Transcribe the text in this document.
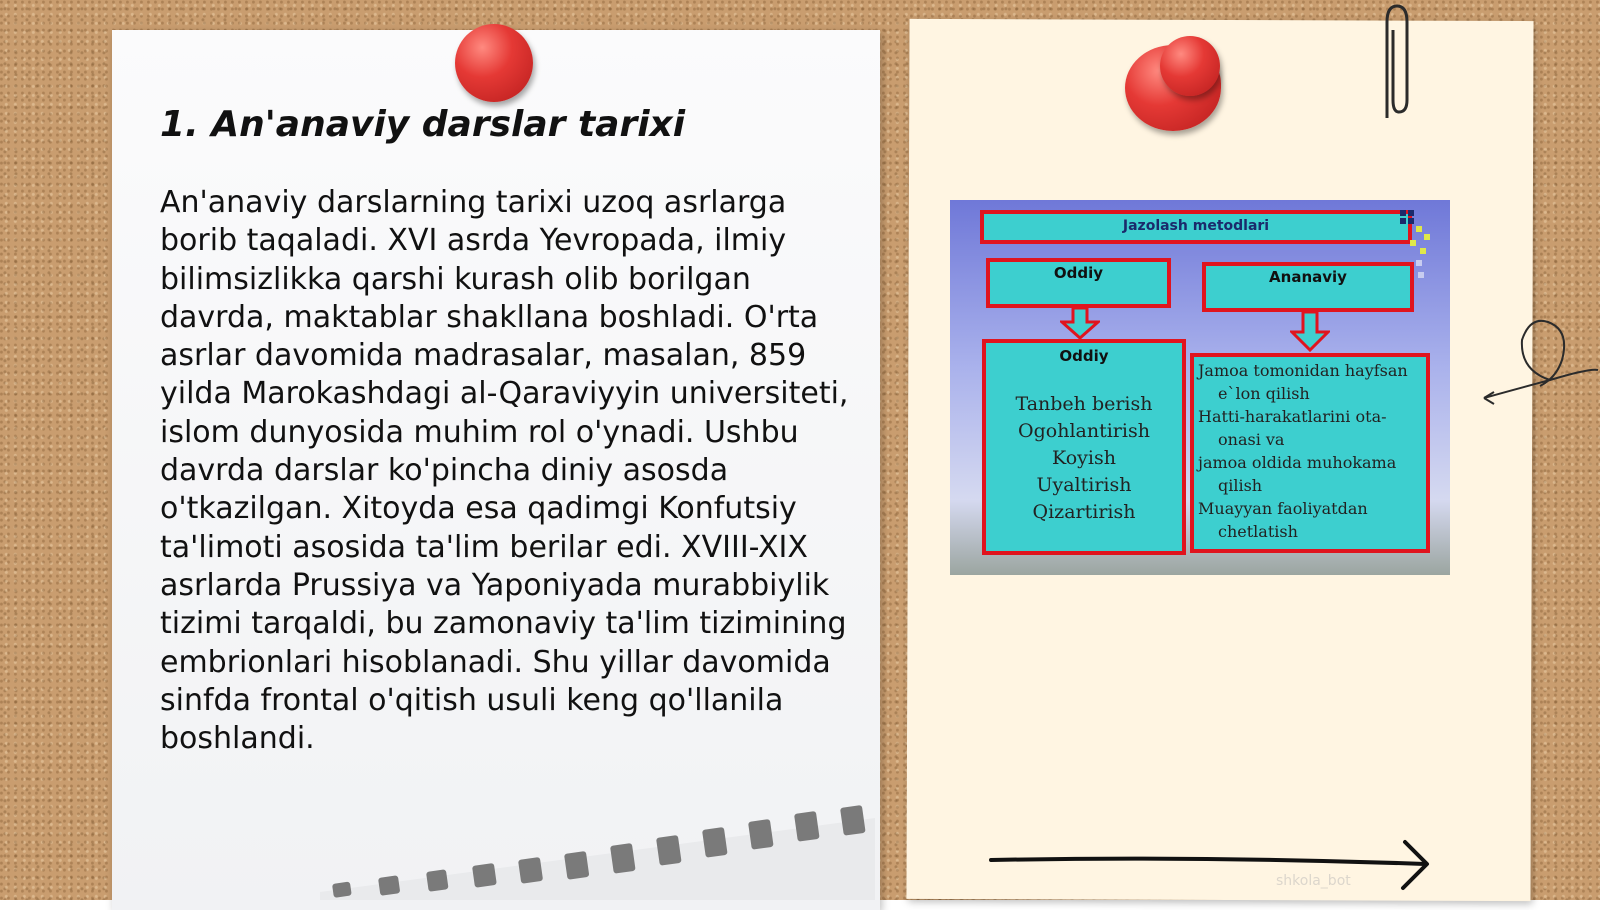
1. An'anaviy darslar tarixi

An'anaviy darslarning tarixi uzoq asrlarga borib taqaladi. XVI asrda Yevropada, ilmiy bilimsizlikka qarshi kurash olib borilgan davrda, maktablar shakllana boshladi. O'rta asrlar davomida madrasalar, masalan, 859 yilda Marokashdagi al-Qaraviyyin universiteti, islom dunyosida muhim rol o'ynadi. Ushbu davrda darslar ko'pincha diniy asosda o'tkazilgan. Xitoyda esa qadimgi Konfutsiy ta'limoti asosida ta'lim berilar edi. XVIII-XIX asrlarda Prussiya va Yaponiyada murabbiylik tizimi tarqaldi, bu zamonaviy ta'lim tizimining embrionlari hisoblanadi. Shu yillar davomida sinfda frontal o'qitish usuli keng qo'llanila boshlandi.

Jazolash metodlari
Oddiy	Ananaviy
Oddiy
Tanbeh berish
Ogohlantirish
Koyish
Uyaltirish
Qizartirish
Jamoa tomonidan hayfsan e`lon qilish
Hatti-harakatlarini ota-onasi va
jamoa oldida muhokama qilish
Muayyan faoliyatdan chetlatish
shkola_bot
